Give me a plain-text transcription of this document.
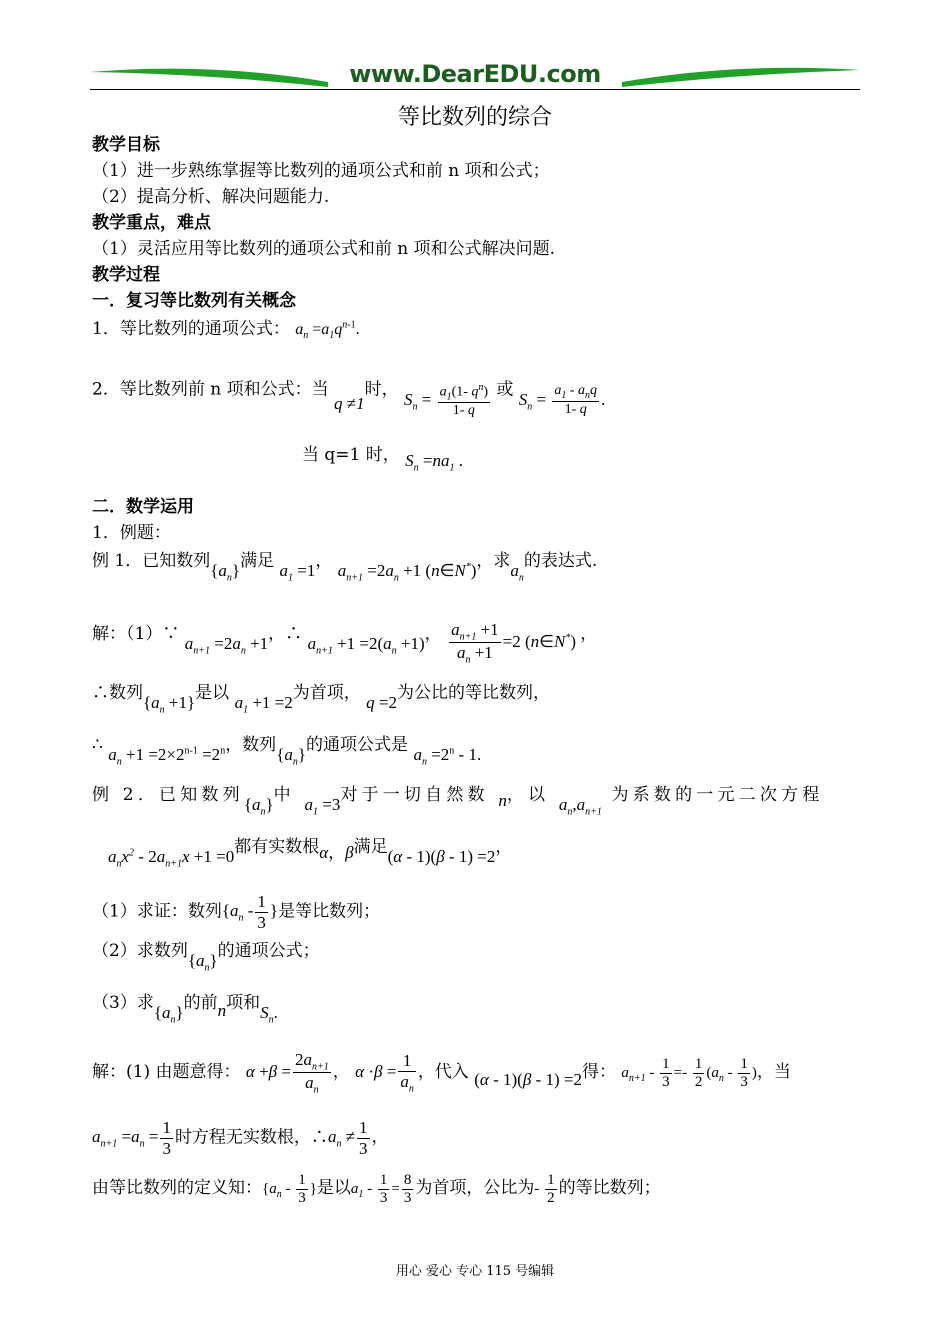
www.DearEDU.com
等比数列的综合
教学目标
（1）进一步熟练掌握等比数列的通项公式和前 n 项和公式；
（2）提高分析、解决问题能力.
教学重点，难点
（1）灵活应用等比数列的通项公式和前 n 项和公式解决问题.
教学过程
一．复习等比数列有关概念
1．等比数列的通项公式： $a_n =a_1q^{n-1}$.
2．等比数列前 n 项和公式：当 q ≠1时， $S_n = \frac{a_1(1- q^n)}{1- q}$ 或 $S_n = \frac{a_1 - a_nq}{1- q}$ .
当 q=1 时， $S_n =na_1$ .
二．数学运用
1．例题：
例 1．已知数列$\{a_n\}$满足 $a_1 =1$， $a_{n+1} =2a_n +1$ (n∈N*)，求$a_n$的表达式.
解：（1）∵ $a_{n+1} =2a_n +1$，∴ $a_{n+1} +1 =2(a_n +1)$， $\frac{a_{n+1} +1}{a_n +1} =2$ (n∈N*) ，
∴数列$\{a_n +1\}$是以 $a_1 +1 =2$为首项， q =2为公比的等比数列，
∴ $a_n +1 =2\times 2^{n-1} =2^n$，数列$\{a_n\}$的通项公式是 $a_n =2^n - 1$.
例 2．已知数列$\{a_n\}$中 $a_1 =3$对于一切自然数 n，以 $a_n,a_{n+1}$ 为系数的一元二次方程
$a_nx^2 - 2a_{n+1}x +1 =0$都有实数根α，β满足(α - 1)(β - 1) =2，
（1）求证：数列{$a_n - \frac{1}{3}$ }是等比数列；
（2）求数列$\{a_n\}$的通项公式；
（3）求$\{a_n\}$的前n项和$S_n$.
解：(1) 由题意得： $\alpha +\beta = \frac{2a_{n+1}}{a_n}$ ， $\alpha \cdot\beta = \frac{1}{a_n}$ ，代入 (α - 1)(β - 1) =2得： $a_{n+1} - \frac{1}{3} =- \frac{1}{2} (a_n - \frac{1}{3}$ )，当
$a_{n+1} =a_n = \frac{1}{3}$ 时方程无实数根，$\therefore a_n \ne \frac{1}{3}$ ，
由等比数列的定义知：{$a_n - \frac{1}{3}$ }是以$a_1 - \frac{1}{3} = \frac{8}{3}$ 为首项，公比为- $\frac{1}{2}$ 的等比数列；
用心 爱心 专心 115 号编辑
